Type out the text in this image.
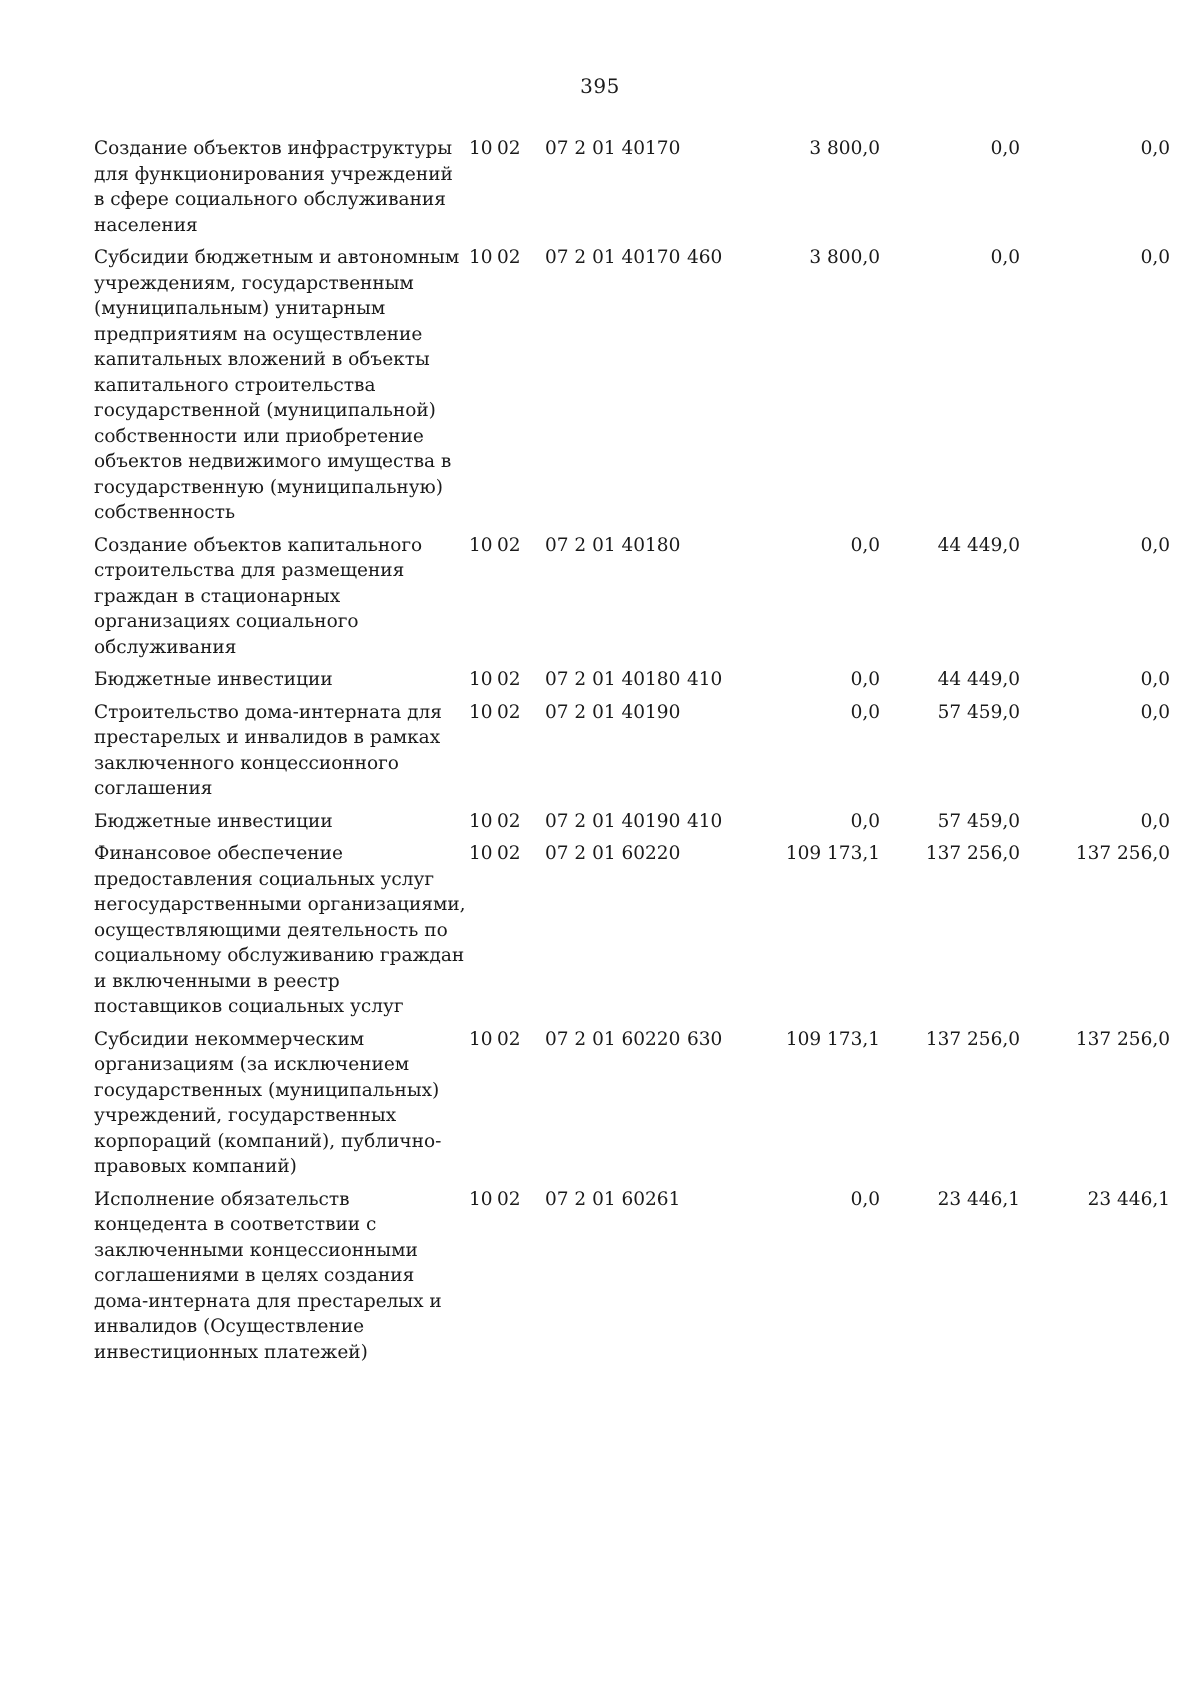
395
Создание объектов инфраструктуры для функционирования учреждений в сфере социального обслуживания населения	10	02	07 2 01 40170		3 800,0	0,0	0,0
Субсидии бюджетным и автономным учреждениям, государственным (муниципальным) унитарным предприятиям на осуществление капитальных вложений в объекты капитального строительства государственной (муниципальной) собственности или приобретение объектов недвижимого имущества в государственную (муниципальную) собственность	10	02	07 2 01 40170	460	3 800,0	0,0	0,0
Создание объектов капитального строительства для размещения граждан в стационарных организациях социального обслуживания	10	02	07 2 01 40180		0,0	44 449,0	0,0
Бюджетные инвестиции	10	02	07 2 01 40180	410	0,0	44 449,0	0,0
Строительство дома-интерната для престарелых и инвалидов в рамках заключенного концессионного соглашения	10	02	07 2 01 40190		0,0	57 459,0	0,0
Бюджетные инвестиции	10	02	07 2 01 40190	410	0,0	57 459,0	0,0
Финансовое обеспечение предоставления социальных услуг негосударственными организациями, осуществляющими деятельность по социальному обслуживанию граждан и включенными в реестр поставщиков социальных услуг	10	02	07 2 01 60220		109 173,1	137 256,0	137 256,0
Субсидии некоммерческим организациям (за исключением государственных (муниципальных) учреждений, государственных корпораций (компаний), публично-правовых компаний)	10	02	07 2 01 60220	630	109 173,1	137 256,0	137 256,0
Исполнение обязательств концедента в соответствии с заключенными концессионными соглашениями в целях создания дома-интерната для престарелых и инвалидов (Осуществление инвестиционных платежей)	10	02	07 2 01 60261		0,0	23 446,1	23 446,1
